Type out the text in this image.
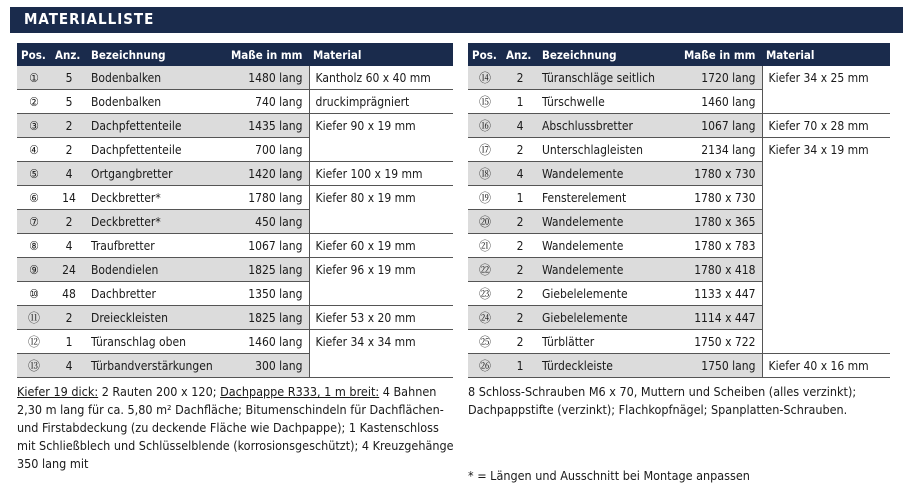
MATERIALLISTE
Pos.	Anz.	Bezeichnung	Maße in mm	Material
①	5	Bodenbalken	1480 lang	Kantholz 60 x 40 mm
②	5	Bodenbalken	740 lang	druckimprägniert
③	2	Dachpfettenteile	1435 lang	Kiefer 90 x 19 mm
④	2	Dachpfettenteile	700 lang	
⑤	4	Ortgangbretter	1420 lang	Kiefer 100 x 19 mm
⑥	14	Deckbretter*	1780 lang	Kiefer 80 x 19 mm
⑦	2	Deckbretter*	450 lang	
⑧	4	Traufbretter	1067 lang	Kiefer 60 x 19 mm
⑨	24	Bodendielen	1825 lang	Kiefer 96 x 19 mm
⑩	48	Dachbretter	1350 lang	
⑪	2	Dreieckleisten	1825 lang	Kiefer 53 x 20 mm
⑫	1	Türanschlag oben	1460 lang	Kiefer 34 x 34 mm
⑬	4	Türbandverstärkungen	300 lang	
Pos.	Anz.	Bezeichnung	Maße in mm	Material
⑭	2	Türanschläge seitlich	1720 lang	Kiefer 34 x 25 mm
⑮	1	Türschwelle	1460 lang	
⑯	4	Abschlussbretter	1067 lang	Kiefer 70 x 28 mm
⑰	2	Unterschlagleisten	2134 lang	Kiefer 34 x 19 mm
⑱	4	Wandelemente	1780 x 730	
⑲	1	Fensterelement	1780 x 730	
⑳	2	Wandelemente	1780 x 365	
㉑	2	Wandelemente	1780 x 783	
㉒	2	Wandelemente	1780 x 418	
㉓	2	Giebelelemente	1133 x 447	
㉔	2	Giebelelemente	1114 x 447	
㉕	2	Türblätter	1750 x 722	
㉖	1	Türdeckleiste	1750 lang	Kiefer 40 x 16 mm
Kiefer 19 dick: 2 Rauten 200 x 120; Dachpappe R333, 1 m breit: 4 Bahnen 2,30 m lang für ca. 5,80 m² Dachfläche; Bitumenschindeln für Dachflächen- und Firstabdeckung (zu deckende Fläche wie Dachpappe); 1 Kastenschloss mit Schließblech und Schlüsselblende (korrosionsgeschützt); 4 Kreuzgehänge 350 lang mit
8 Schloss-Schrauben M6 x 70, Muttern und Scheiben (alles verzinkt); Dachpappstifte (verzinkt); Flachkopfnägel; Spanplatten-Schrauben.
* = Längen und Ausschnitt bei Montage anpassen
